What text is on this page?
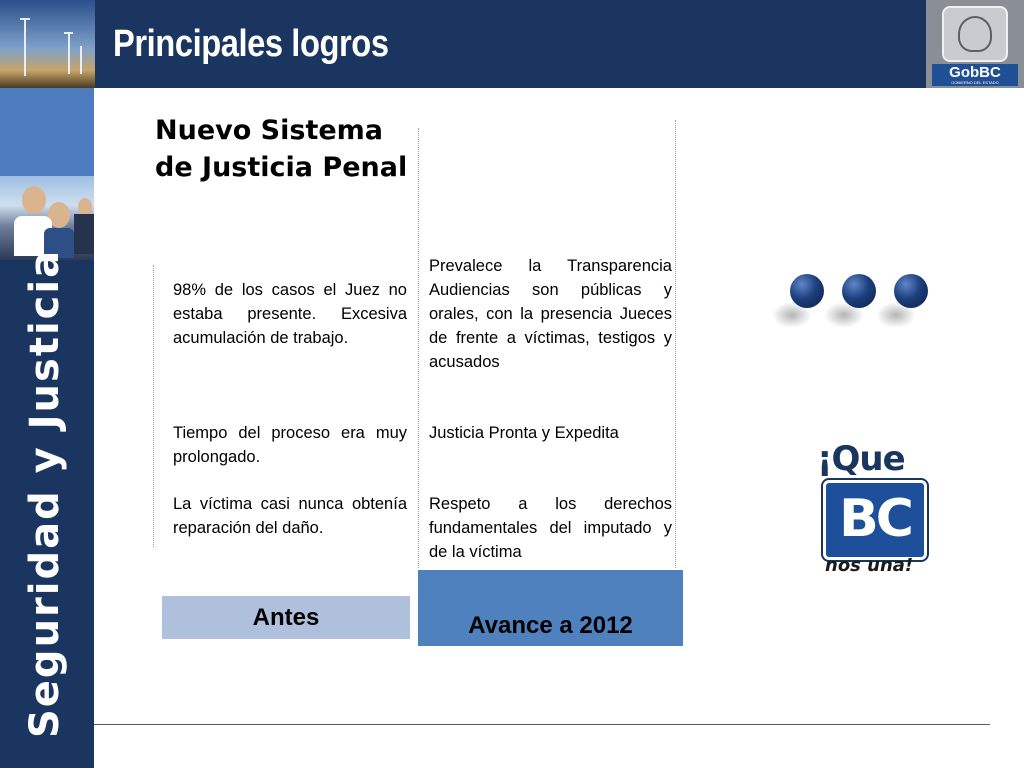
Principales logros
GobBC
GOBIERNO DEL ESTADO
Seguridad y Justicia
Nuevo Sistema de Justicia Penal

98% de los casos el Juez no estaba presente. Excesiva acumulación de trabajo.

Tiempo del proceso era muy prolongado.

La víctima casi nunca obtenía reparación del daño.

Prevalece la Transparencia Audiencias son públicas y orales, con la presencia Jueces de frente a víctimas, testigos y acusados

Justicia Pronta y Expedita

Respeto a los derechos fundamentales del imputado y de la víctima

Antes	Avance a 2012
¡Que
BC
nos una!
